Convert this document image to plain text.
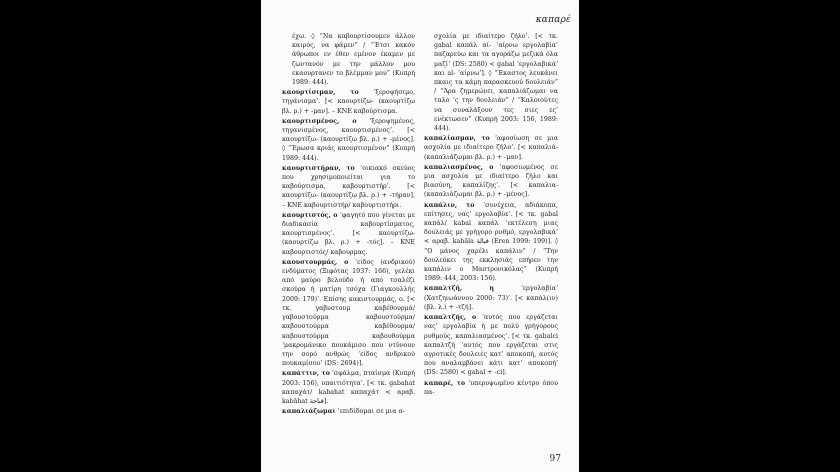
καπαρέ

έχω. ◊ “Να καβουρτίσουμεν άλλον καιρός, να φάμεν” / “Έτσι κακόν άθρωποι εν έθεν εμένον έκαμεν με ζωντανόν με την μάλλον μου εκαουρτανεν το βλέμμαν μου” (Κυπρή 1989: 444).

καουρτίσιμαν, το ‘ξεροψήσιμο, τηγάνισμα’. [< καουρτίζω- (καουρτίζω βλ. ρ.) + -μαν]. – ΚΝΕ καβούρτισμα.

καουρτισμένος, ο ‘ξεροψημένος, τηγανισμένος, καουρτισμένος’. [< καουρτίζω- (καουρτίζω βλ. ρ.) + -μένος]. ◊ “Έρωσα κριάς καουρτισμένον” (Κυπρή 1989: 444).

καουρτιστήραν, το ‘οικιακό σκεύος που χρησιμοποιείται για το καβούρτισμα, καβουρτιστήρ’. [< καουρτίζω- (καουρτίζω βλ. ρ.) + -τήραν]. – ΚΝΕ καβουρτιστήρ/ καβουρτιστήρι.

καουρτιστός, ο ‘φαγητό που γίνεται με διαδικασία καβουρτίσματος, καουρτισμένος’. [< καουρτίζω- (καουρτίζω βλ. ρ.) + -τός]. – ΚΝΕ καβουρτιστός/ καβουρμας.

καουστουρμάς, ο ‘είδος (ανδρικού) ενδύματος (Ξιφότας 1937: 166), γελέκι από μαύρο βελούδο ή από τσαλέζι σκούρα ή ματίρη τσόχα (Γιαγκουλλής 2009: 179)’. Επίσης κακιστουρμάς, ο. [< τκ. γαβυστουμ καβέθουρμά/ γαβουστούρμα καβουστούρμα/ καβουστούρμα καβέθουρμα/ καβουστούρμα καβουθούρμα ‘μακρομάνικο πουκάμισο που ντύνουν την σορό ανθρώς ‘είδος ανδρικού πουκαμίσου’ (DS: 2694)].

καπάττιν, το ‘σφάλμα, πταίσμα (Κυπρή 2003: 156), υπαιτιότητα’. [< τκ. gabahat καπαχάτ/ kabahat καπαχάτ < αραβ. kabāhat قباحة].

καπαλιάζωμαι ‘επιδίδομαι σε μια α-

σχολία με ιδιαίτερο ζήλο’. [< τκ. gabal καπάλ αί- ‘αίρνω εργολαβία’ παζαρεύω και τα αγοράζω μεζικά όλα μαζί’ (DS: 2580) < gabal ‘εργολαβικά’ και al- ‘αίρνω’]. ◊ “Έκαστος λευκάνει πκαις τα κάμη παρασκευού δουλειάν” / “Άρα ζημερώνει, καπαλιάζωμαι να ταλο ’ς την δουλειάν” / “Καλοιούτες να συναλάξουν τες σιες ες’ ενέκτωσεν” (Κυπρή 2003: 156, 1989: 444).

καπαλίασμαν, το ‘αφοσίωση σε μια ασχολία με ιδιαίτερο ζήλο’. [< καπαλιά- (καπαλιάζωμαι βλ. ρ.) + -μαν].

καπαλιασμένος, ο ‘αφοσιωμένος σε μια ασχολία με ιδιαίτερο ζήλο και βιασύνη, καπαλίζης’. [< καπαλια- (καπαλιάζωμαι βλ. ρ.) + -μένος].

καπάλιν, το ‘συνέχεια, αδιάκοπα, επίτησες, νας’ εργολαβία’. [< τκ. gabal καπάλ/ kabal καπάλ ‘εκτέλεση μιας δουλειάς με γρήγορο ρυθμό, εργολαβικά’ < αραβ. kabāla قبالة (Eren 1999: 199)]. ◊ “Ο μάνος χαρέλι καπάλιν” / “Την δουλεύκει της εκκλησιάς επήρεν την καπάλιν ο Μαστρονικόλας” (Κυπρή 1989: 444, 2003: 156).

καπαλτζή, η ‘εργολαβία’ (Χατζηιωάννου 2000: 73)’. [< καπάλ(ιν) (βλ. λ.) + -τζή].

καπαλτζής, ο ‘αυτός που εργάζεται νας’ εργολαβία ή με πολύ γρήγορους ρυθμούς, καπαλιασμένος’. [< τκ. gabalci καπαλτζή ‘αυτός που εργάζεται στις αγροτικές δουλειές κατ’ αποκοπή, αυτός που αναλαμβάνει κάτι κατ’ αποκοπή’ (DS: 2580) < gabal + -ci].

καπαρέ, το ‘υπερυψωμένο κέντρο όπου πα-

97
